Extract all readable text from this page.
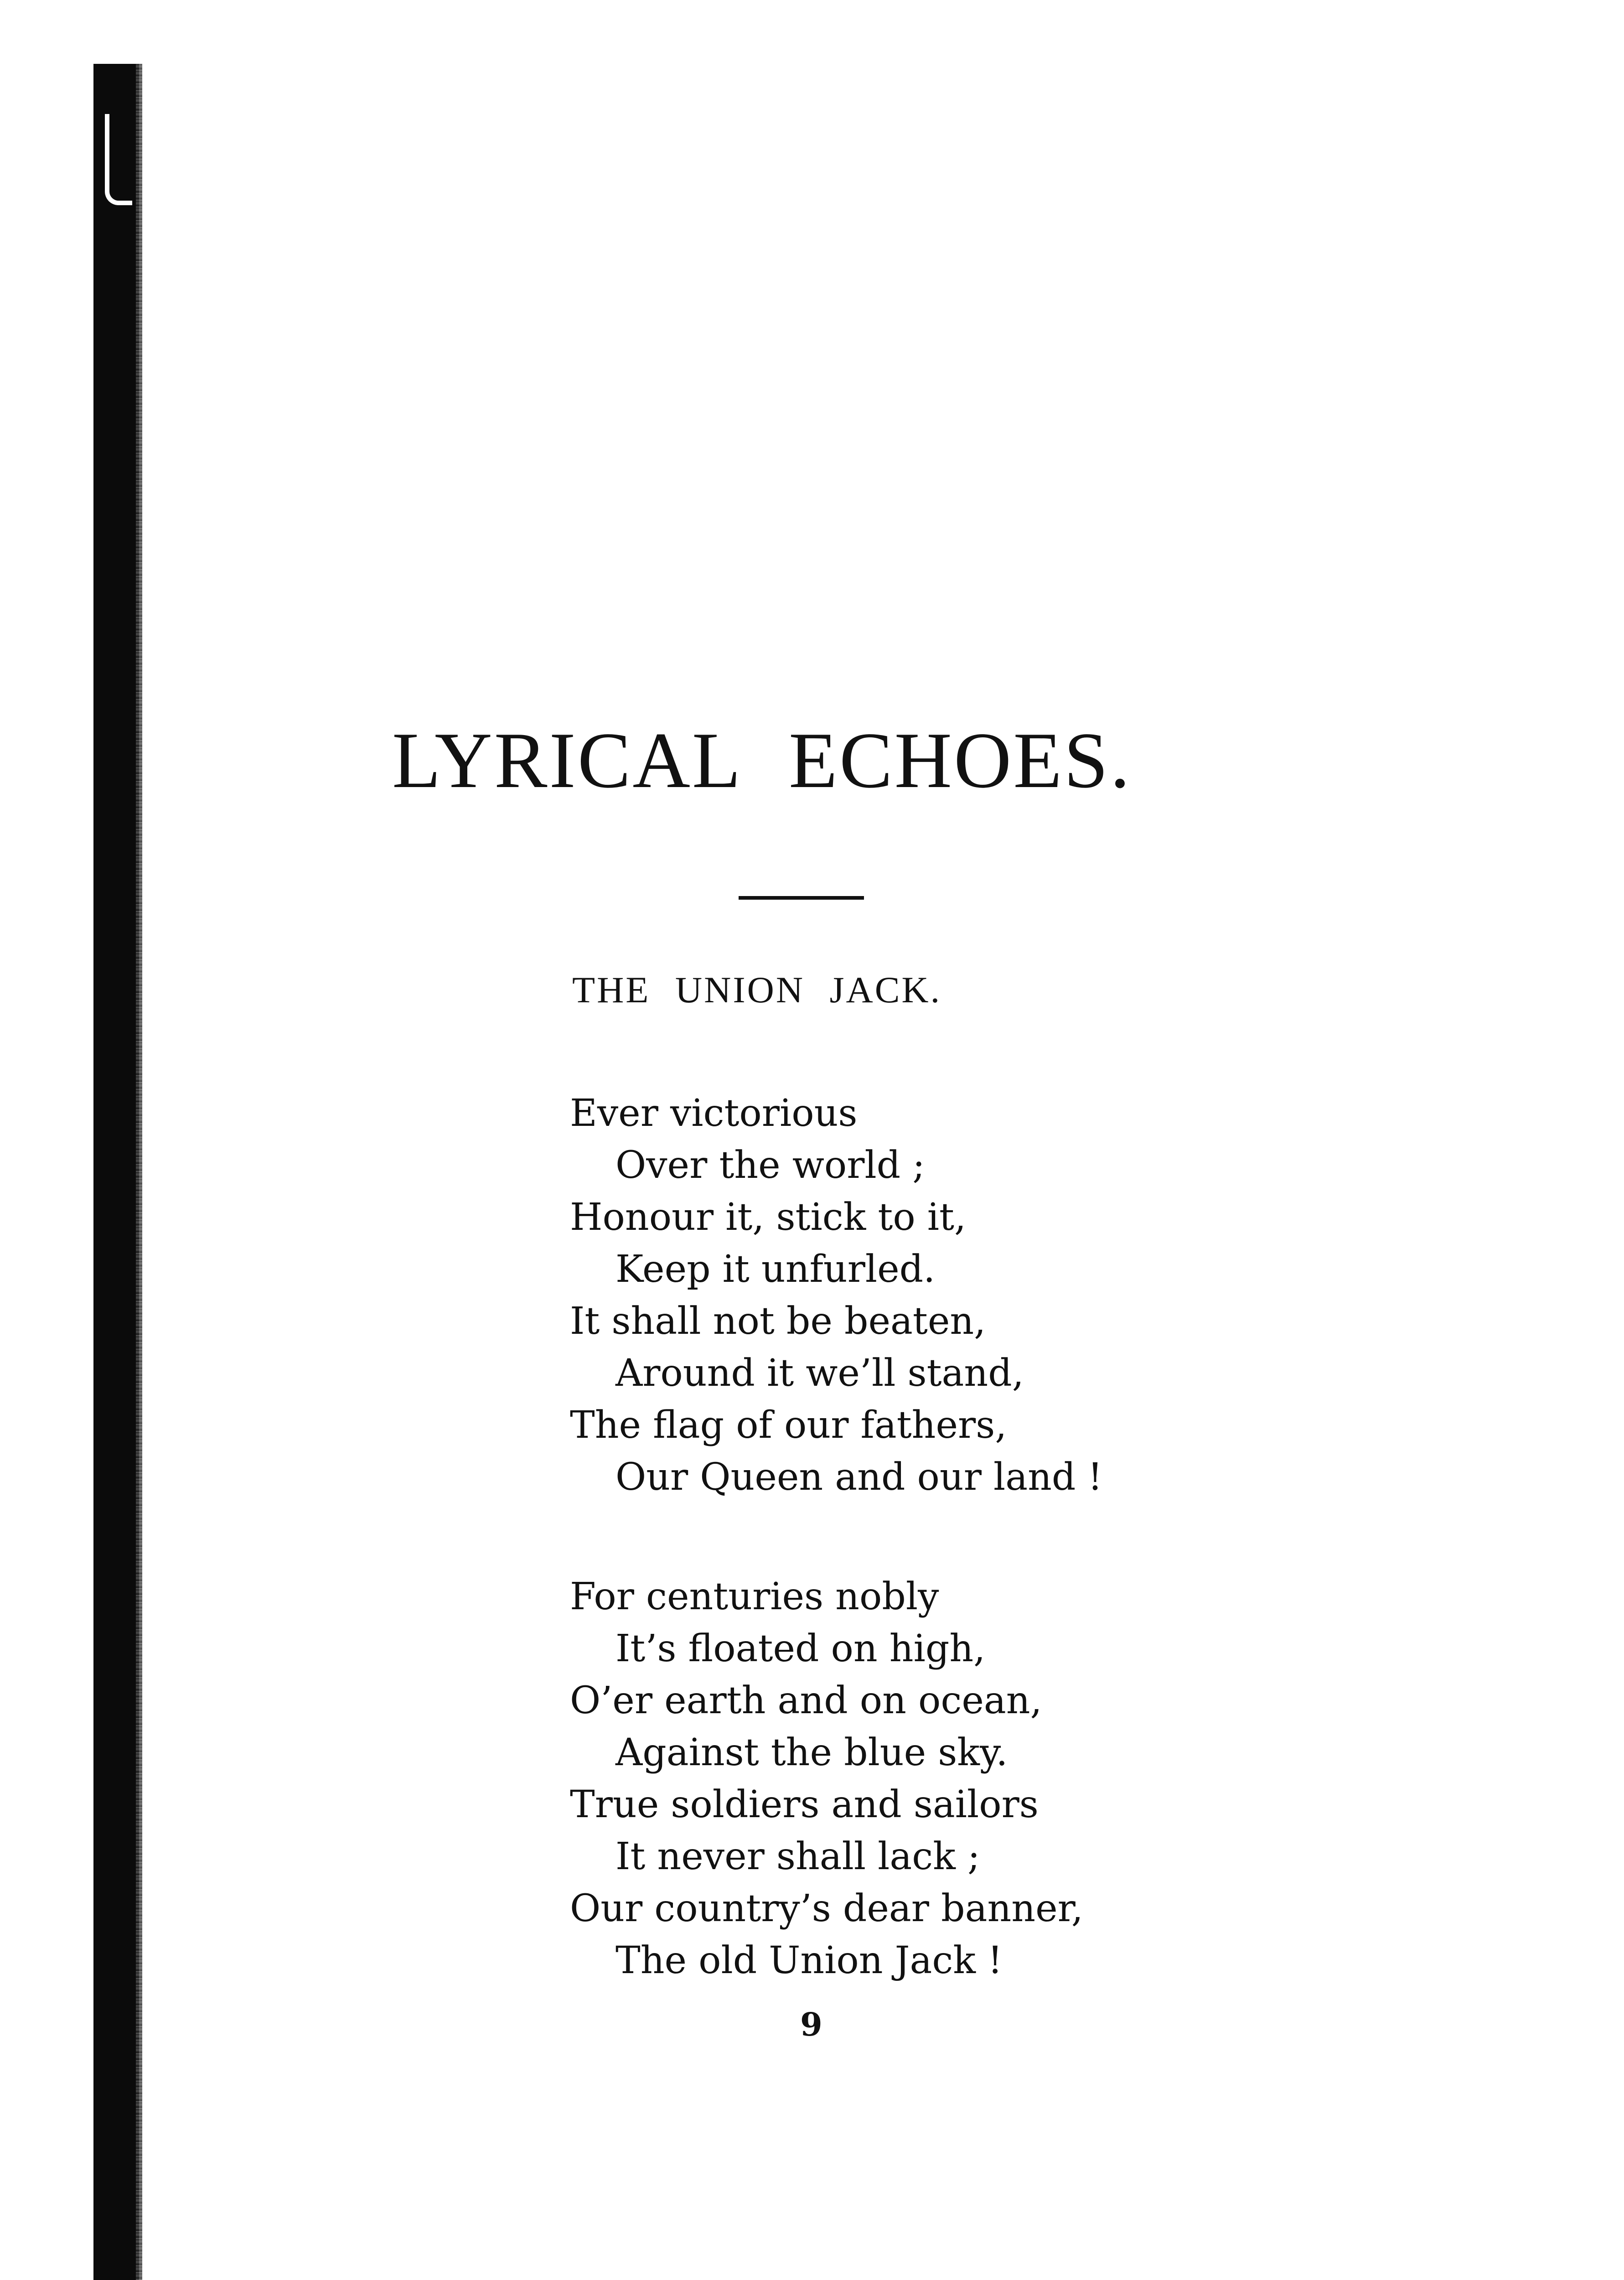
LYRICAL ECHOES.
THE UNION JACK.
Ever victorious
Over the world ;
Honour it, stick to it,
Keep it unfurled.
It shall not be beaten,
Around it we’ll stand,
The flag of our fathers,
Our Queen and our land !
For centuries nobly
It’s floated on high,
O’er earth and on ocean,
Against the blue sky.
True soldiers and sailors
It never shall lack ;
Our country’s dear banner,
The old Union Jack !
9
